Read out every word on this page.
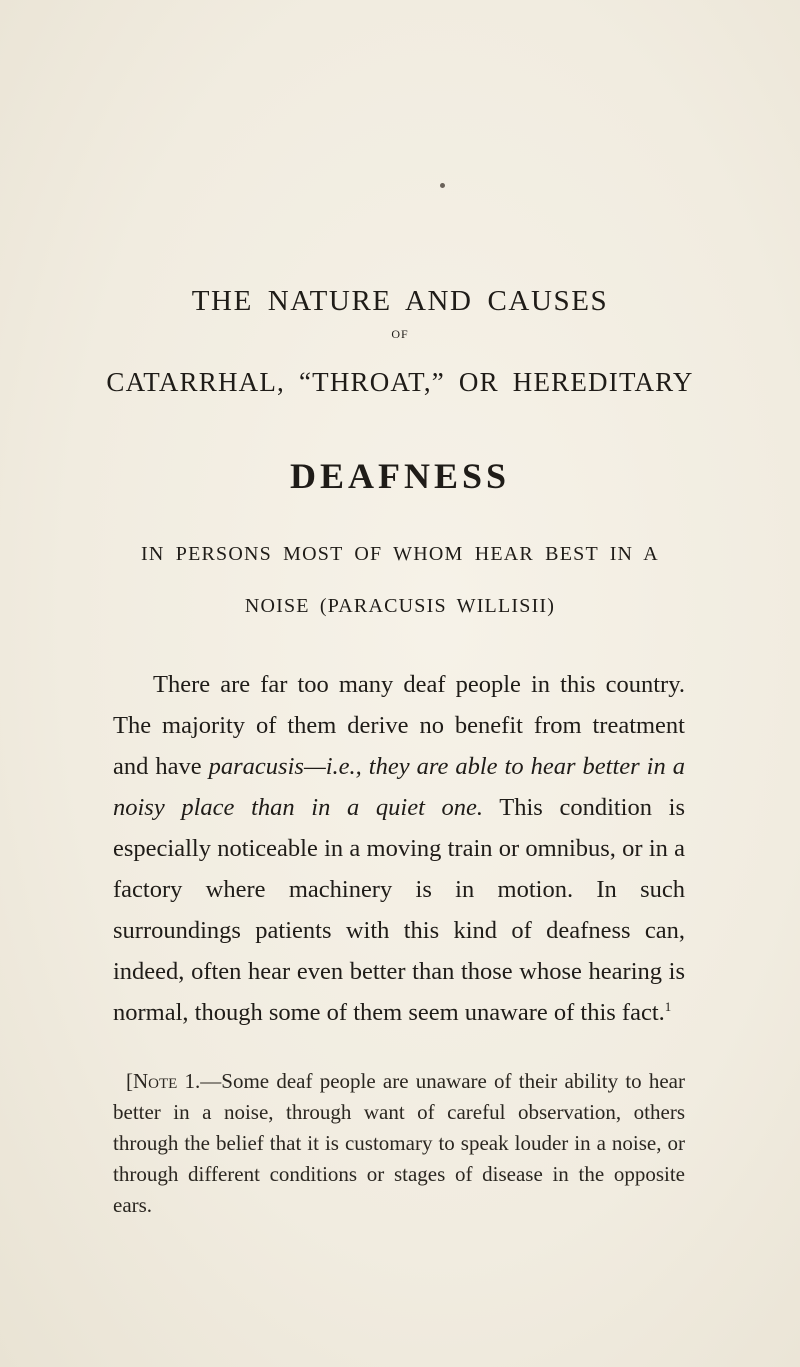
THE NATURE AND CAUSES
OF
CATARRHAL, “THROAT,” OR HEREDITARY
DEAFNESS
IN PERSONS MOST OF WHOM HEAR BEST IN A
NOISE (PARACUSIS WILLISII)

There are far too many deaf people in this country. The majority of them derive no benefit from treatment and have paracusis—i.e., they are able to hear better in a noisy place than in a quiet one. This condition is especially noticeable in a moving train or omnibus, or in a factory where machinery is in motion. In such surroundings patients with this kind of deafness can, indeed, often hear even better than those whose hearing is normal, though some of them seem unaware of this fact.$^1$

[Note 1.—Some deaf people are unaware of their ability to hear better in a noise, through want of careful observation, others through the belief that it is customary to speak louder in a noise, or through different conditions or stages of disease in the opposite ears.
